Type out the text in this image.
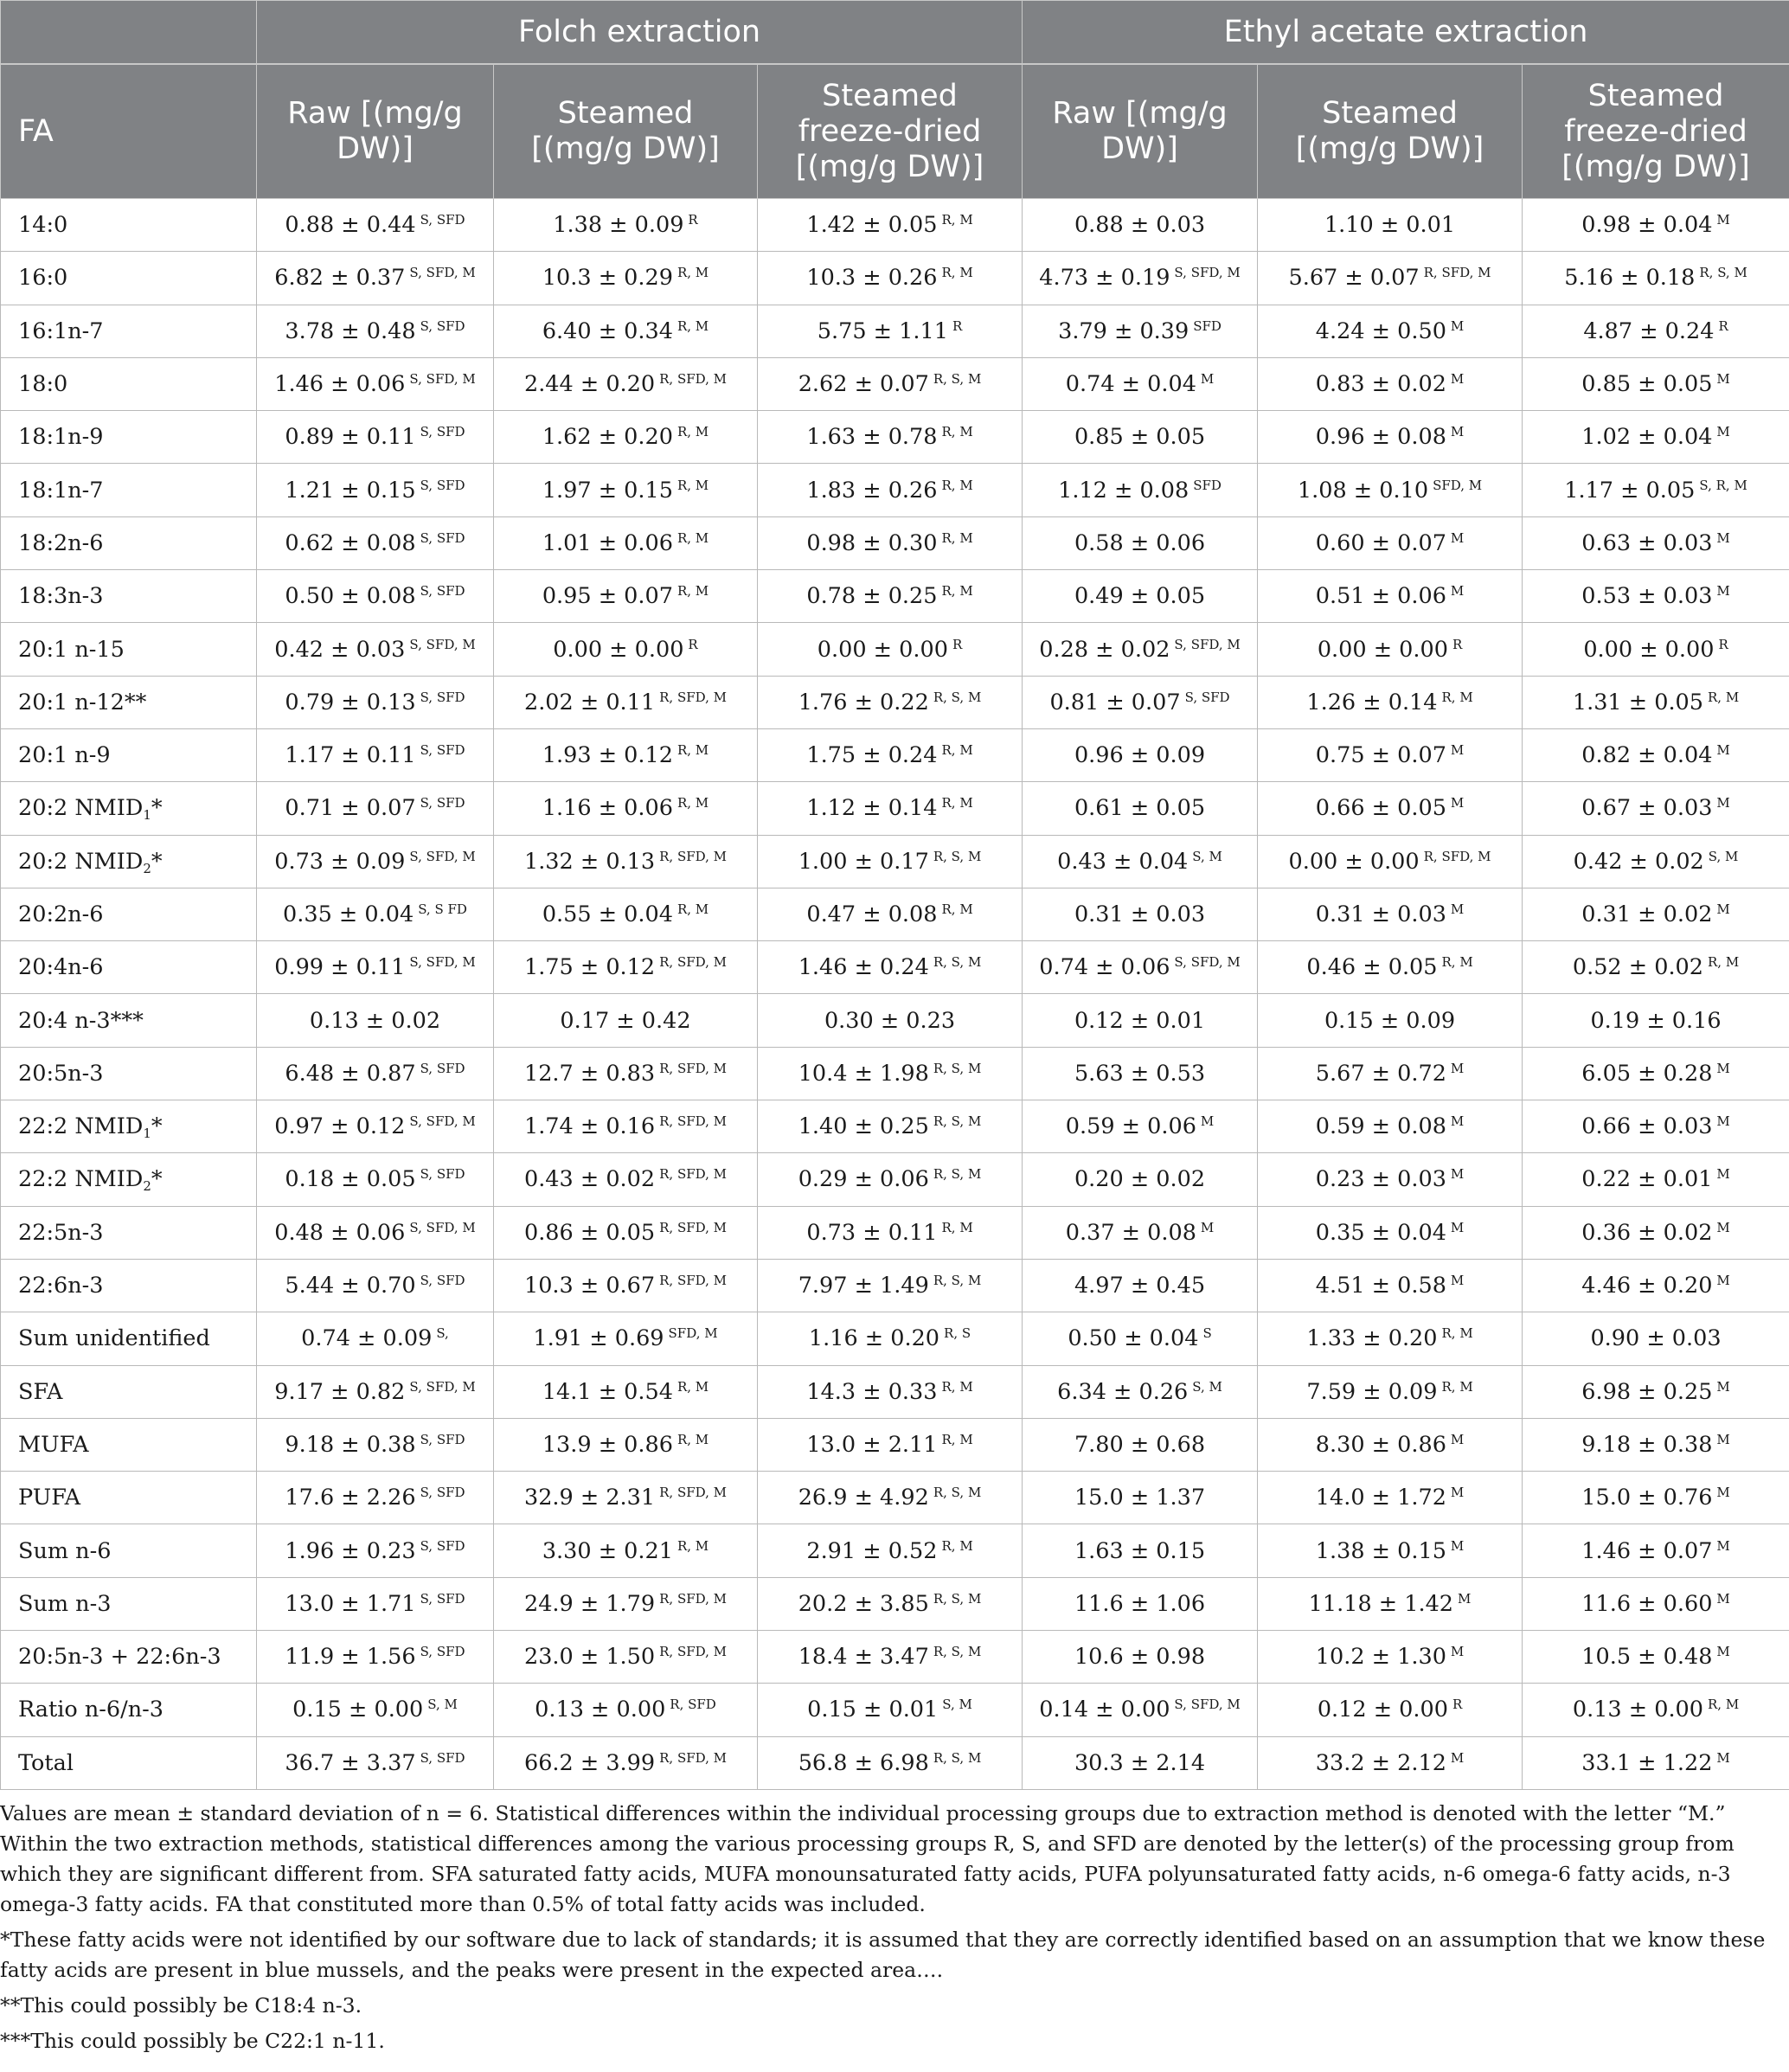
	Folch extraction			Ethyl acetate extraction		
FA	Raw [(mg/g DW)]	Steamed [(mg/g DW)]	Steamed freeze-dried [(mg/g DW)]	Raw [(mg/g DW)]	Steamed [(mg/g DW)]	Steamed freeze-dried [(mg/g DW)]
14:0	0.88 ± 0.44 $^{S, SFD}$	1.38 ± 0.09 $^R$	1.42 ± 0.05 $^{R, M}$	0.88 ± 0.03	1.10 ± 0.01	0.98 ± 0.04 $^M$
16:0	6.82 ± 0.37 $^{S, SFD, M}$	10.3 ± 0.29 $^{R, M}$	10.3 ± 0.26 $^{R, M}$	4.73 ± 0.19 $^{S, SFD, M}$	5.67 ± 0.07 $^{R, SFD, M}$	5.16 ± 0.18 $^{R, S, M}$
16:1n-7	3.78 ± 0.48 $^{S, SFD}$	6.40 ± 0.34 $^{R, M}$	5.75 ± 1.11 $^R$	3.79 ± 0.39 $^{SFD}$	4.24 ± 0.50 $^M$	4.87 ± 0.24 $^R$
18:0	1.46 ± 0.06 $^{S, SFD, M}$	2.44 ± 0.20 $^{R, SFD, M}$	2.62 ± 0.07 $^{R, S, M}$	0.74 ± 0.04 $^M$	0.83 ± 0.02 $^M$	0.85 ± 0.05 $^M$
18:1n-9	0.89 ± 0.11 $^{S, SFD}$	1.62 ± 0.20 $^{R, M}$	1.63 ± 0.78 $^{R, M}$	0.85 ± 0.05	0.96 ± 0.08 $^M$	1.02 ± 0.04 $^M$
18:1n-7	1.21 ± 0.15 $^{S, SFD}$	1.97 ± 0.15 $^{R, M}$	1.83 ± 0.26 $^{R, M}$	1.12 ± 0.08 $^{SFD}$	1.08 ± 0.10 $^{SFD, M}$	1.17 ± 0.05 $^{S, R, M}$
18:2n-6	0.62 ± 0.08 $^{S, SFD}$	1.01 ± 0.06 $^{R, M}$	0.98 ± 0.30 $^{R, M}$	0.58 ± 0.06	0.60 ± 0.07 $^M$	0.63 ± 0.03 $^M$
18:3n-3	0.50 ± 0.08 $^{S, SFD}$	0.95 ± 0.07 $^{R, M}$	0.78 ± 0.25 $^{R, M}$	0.49 ± 0.05	0.51 ± 0.06 $^M$	0.53 ± 0.03 $^M$
20:1 n-15	0.42 ± 0.03 $^{S, SFD, M}$	0.00 ± 0.00 $^R$	0.00 ± 0.00 $^R$	0.28 ± 0.02 $^{S, SFD, M}$	0.00 ± 0.00 $^R$	0.00 ± 0.00 $^R$
20:1 n-12**	0.79 ± 0.13 $^{S, SFD}$	2.02 ± 0.11 $^{R, SFD, M}$	1.76 ± 0.22 $^{R, S, M}$	0.81 ± 0.07 $^{S, SFD}$	1.26 ± 0.14 $^{R, M}$	1.31 ± 0.05 $^{R, M}$
20:1 n-9	1.17 ± 0.11 $^{S, SFD}$	1.93 ± 0.12 $^{R, M}$	1.75 ± 0.24 $^{R, M}$	0.96 ± 0.09	0.75 ± 0.07 $^M$	0.82 ± 0.04 $^M$
20:2 $NMID_1*$	0.71 ± 0.07 $^{S, SFD}$	1.16 ± 0.06 $^{R, M}$	1.12 ± 0.14 $^{R, M}$	0.61 ± 0.05	0.66 ± 0.05 $^M$	0.67 ± 0.03 $^M$
20:2 $NMID_2*$	0.73 ± 0.09 $^{S, SFD, M}$	1.32 ± 0.13 $^{R, SFD, M}$	1.00 ± 0.17 $^{R, S, M}$	0.43 ± 0.04 $^{S, M}$	0.00 ± 0.00 $^{R, SFD, M}$	0.42 ± 0.02 $^{S, M}$
20:2n-6	0.35 ± 0.04 $^{S, S FD}$	0.55 ± 0.04 $^{R, M}$	0.47 ± 0.08 $^{R, M}$	0.31 ± 0.03	0.31 ± 0.03 $^M$	0.31 ± 0.02 $^M$
20:4n-6	0.99 ± 0.11 $^{S, SFD, M}$	1.75 ± 0.12 $^{R, SFD, M}$	1.46 ± 0.24 $^{R, S, M}$	0.74 ± 0.06 $^{S, SFD, M}$	0.46 ± 0.05 $^{R, M}$	0.52 ± 0.02 $^{R, M}$
20:4 n-3***	0.13 ± 0.02	0.17 ± 0.42	0.30 ± 0.23	0.12 ± 0.01	0.15 ± 0.09	0.19 ± 0.16
20:5n-3	6.48 ± 0.87 $^{S, SFD}$	12.7 ± 0.83 $^{R, SFD, M}$	10.4 ± 1.98 $^{R, S, M}$	5.63 ± 0.53	5.67 ± 0.72 $^M$	6.05 ± 0.28 $^M$
22:2 $NMID_1*$	0.97 ± 0.12 $^{S, SFD, M}$	1.74 ± 0.16 $^{R, SFD, M}$	1.40 ± 0.25 $^{R, S, M}$	0.59 ± 0.06 $^M$	0.59 ± 0.08 $^M$	0.66 ± 0.03 $^M$
22:2 $NMID_2*$	0.18 ± 0.05 $^{S, SFD}$	0.43 ± 0.02 $^{R, SFD, M}$	0.29 ± 0.06 $^{R, S, M}$	0.20 ± 0.02	0.23 ± 0.03 $^M$	0.22 ± 0.01 $^M$
22:5n-3	0.48 ± 0.06 $^{S, SFD, M}$	0.86 ± 0.05 $^{R, SFD, M}$	0.73 ± 0.11 $^{R, M}$	0.37 ± 0.08 $^M$	0.35 ± 0.04 $^M$	0.36 ± 0.02 $^M$
22:6n-3	5.44 ± 0.70 $^{S, SFD}$	10.3 ± 0.67 $^{R, SFD, M}$	7.97 ± 1.49 $^{R, S, M}$	4.97 ± 0.45	4.51 ± 0.58 $^M$	4.46 ± 0.20 $^M$
Sum unidentified	0.74 ± 0.09 $^{S,}$	1.91 ± 0.69 $^{SFD, M}$	1.16 ± 0.20 $^{R, S}$	0.50 ± 0.04 $^S$	1.33 ± 0.20 $^{R, M}$	0.90 ± 0.03
SFA	9.17 ± 0.82 $^{S, SFD, M}$	14.1 ± 0.54 $^{R, M}$	14.3 ± 0.33 $^{R, M}$	6.34 ± 0.26 $^{S, M}$	7.59 ± 0.09 $^{R, M}$	6.98 ± 0.25 $^M$
MUFA	9.18 ± 0.38 $^{S, SFD}$	13.9 ± 0.86 $^{R, M}$	13.0 ± 2.11 $^{R, M}$	7.80 ± 0.68	8.30 ± 0.86 $^M$	9.18 ± 0.38 $^M$
PUFA	17.6 ± 2.26 $^{S, SFD}$	32.9 ± 2.31 $^{R, SFD, M}$	26.9 ± 4.92 $^{R, S, M}$	15.0 ± 1.37	14.0 ± 1.72 $^M$	15.0 ± 0.76 $^M$
Sum n-6	1.96 ± 0.23 $^{S, SFD}$	3.30 ± 0.21 $^{R, M}$	2.91 ± 0.52 $^{R, M}$	1.63 ± 0.15	1.38 ± 0.15 $^M$	1.46 ± 0.07 $^M$
Sum n-3	13.0 ± 1.71 $^{S, SFD}$	24.9 ± 1.79 $^{R, SFD, M}$	20.2 ± 3.85 $^{R, S, M}$	11.6 ± 1.06	11.18 ± 1.42 $^M$	11.6 ± 0.60 $^M$
20:5n-3 + 22:6n-3	11.9 ± 1.56 $^{S, SFD}$	23.0 ± 1.50 $^{R, SFD, M}$	18.4 ± 3.47 $^{R, S, M}$	10.6 ± 0.98	10.2 ± 1.30 $^M$	10.5 ± 0.48 $^M$
Ratio n-6/n-3	0.15 ± 0.00 $^{S, M}$	0.13 ± 0.00 $^{R, SFD}$	0.15 ± 0.01 $^{S, M}$	0.14 ± 0.00 $^{S, SFD, M}$	0.12 ± 0.00 $^R$	0.13 ± 0.00 $^{R, M}$
Total	36.7 ± 3.37 $^{S, SFD}$	66.2 ± 3.99 $^{R, SFD, M}$	56.8 ± 6.98 $^{R, S, M}$	30.3 ± 2.14	33.2 ± 2.12 $^M$	33.1 ± 1.22 $^M$

Values are mean ± standard deviation of n = 6. Statistical differences within the individual processing groups due to extraction method is denoted with the letter “M.” Within the two extraction methods, statistical differences among the various processing groups R, S, and SFD are denoted by the letter(s) of the processing group from which they are significant different from. SFA saturated fatty acids, MUFA monounsaturated fatty acids, PUFA polyunsaturated fatty acids, n-6 omega-6 fatty acids, n-3 omega-3 fatty acids. FA that constituted more than 0.5% of total fatty acids was included.

*These fatty acids were not identified by our software due to lack of standards; it is assumed that they are correctly identified based on an assumption that we know these fatty acids are present in blue mussels, and the peaks were present in the expected area….

**This could possibly be C18:4 n-3.

***This could possibly be C22:1 n-11.
